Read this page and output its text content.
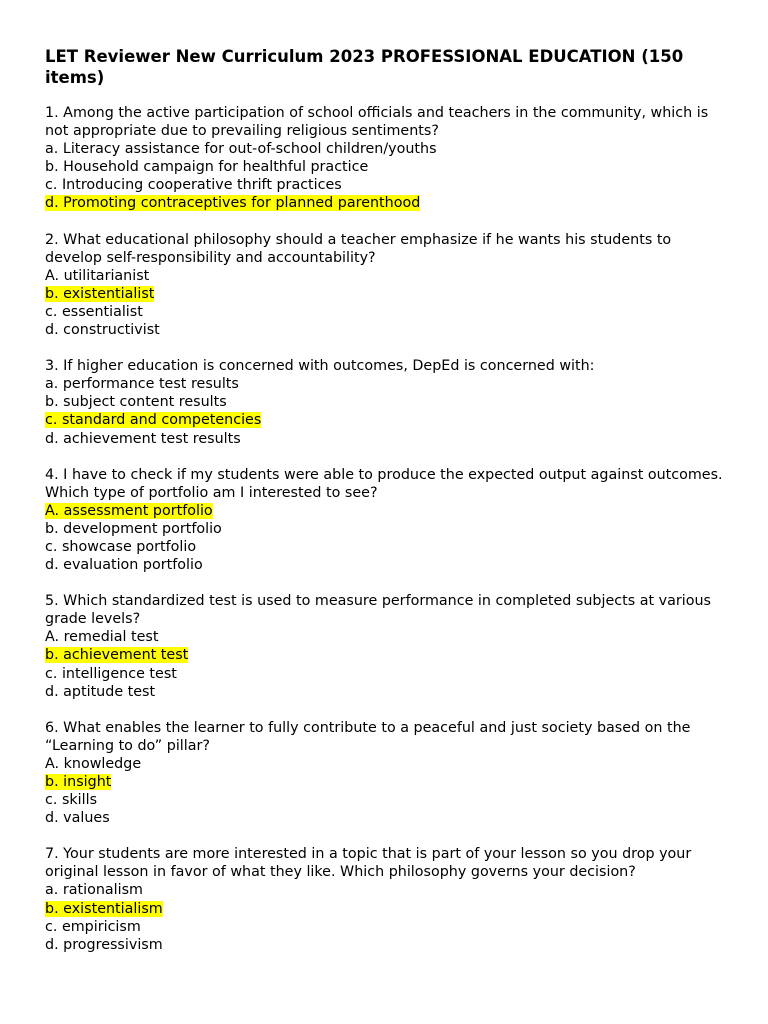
LET Reviewer New Curriculum 2023 PROFESSIONAL EDUCATION (150 items)
1. Among the active participation of school officials and teachers in the community, which is not appropriate due to prevailing religious sentiments?
a. Literacy assistance for out-of-school children/youths
b. Household campaign for healthful practice
c. Introducing cooperative thrift practices
d. Promoting contraceptives for planned parenthood
2. What educational philosophy should a teacher emphasize if he wants his students to develop self-responsibility and accountability?
A. utilitarianist
b. existentialist
c. essentialist
d. constructivist
3. If higher education is concerned with outcomes, DepEd is concerned with:
a. performance test results
b. subject content results
c. standard and competencies
d. achievement test results
4. I have to check if my students were able to produce the expected output against outcomes. Which type of portfolio am I interested to see?
A. assessment portfolio
b. development portfolio
c. showcase portfolio
d. evaluation portfolio
5. Which standardized test is used to measure performance in completed subjects at various grade levels?
A. remedial test
b. achievement test
c. intelligence test
d. aptitude test
6. What enables the learner to fully contribute to a peaceful and just society based on the “Learning to do” pillar?
A. knowledge
b. insight
c. skills
d. values
7. Your students are more interested in a topic that is part of your lesson so you drop your original lesson in favor of what they like. Which philosophy governs your decision?
a. rationalism
b. existentialism
c. empiricism
d. progressivism
